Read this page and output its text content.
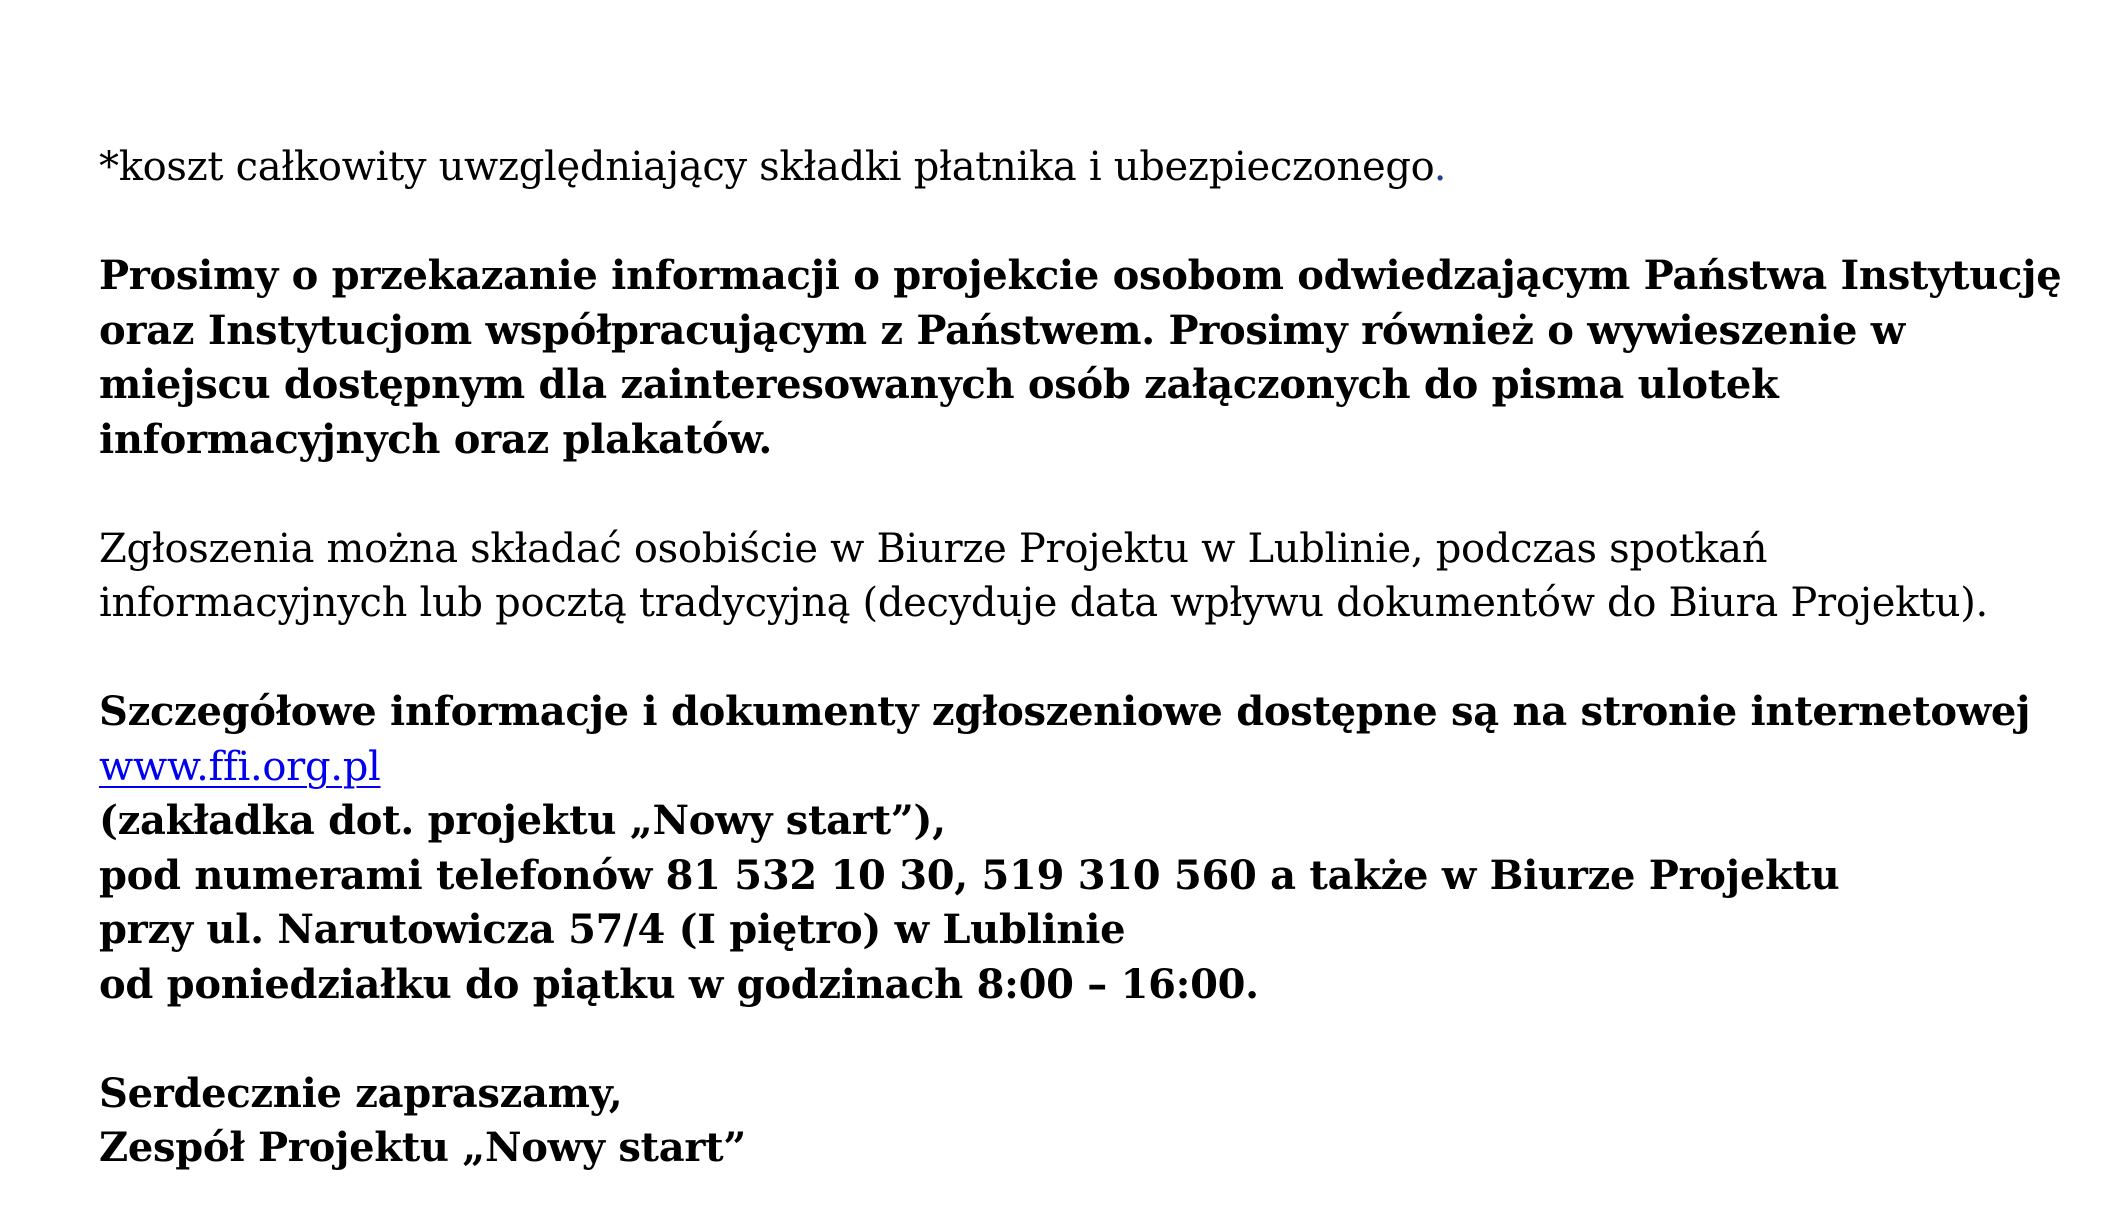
*koszt całkowity uwzględniający składki płatnika i ubezpieczonego.

Prosimy o przekazanie informacji o projekcie osobom odwiedzającym Państwa Instytucję
oraz Instytucjom współpracującym z Państwem. Prosimy również o wywieszenie w
miejscu dostępnym dla zainteresowanych osób załączonych do pisma ulotek
informacyjnych oraz plakatów.

Zgłoszenia można składać osobiście w Biurze Projektu w Lublinie, podczas spotkań
informacyjnych lub pocztą tradycyjną (decyduje data wpływu dokumentów do Biura Projektu).

Szczegółowe informacje i dokumenty zgłoszeniowe dostępne są na stronie internetowej
www.ffi.org.pl
(zakładka dot. projektu „Nowy start”),
pod numerami telefonów 81 532 10 30, 519 310 560 a także w Biurze Projektu
przy ul. Narutowicza 57/4 (I piętro) w Lublinie
od poniedziałku do piątku w godzinach 8:00 – 16:00.

Serdecznie zapraszamy,
Zespół Projektu „Nowy start”
